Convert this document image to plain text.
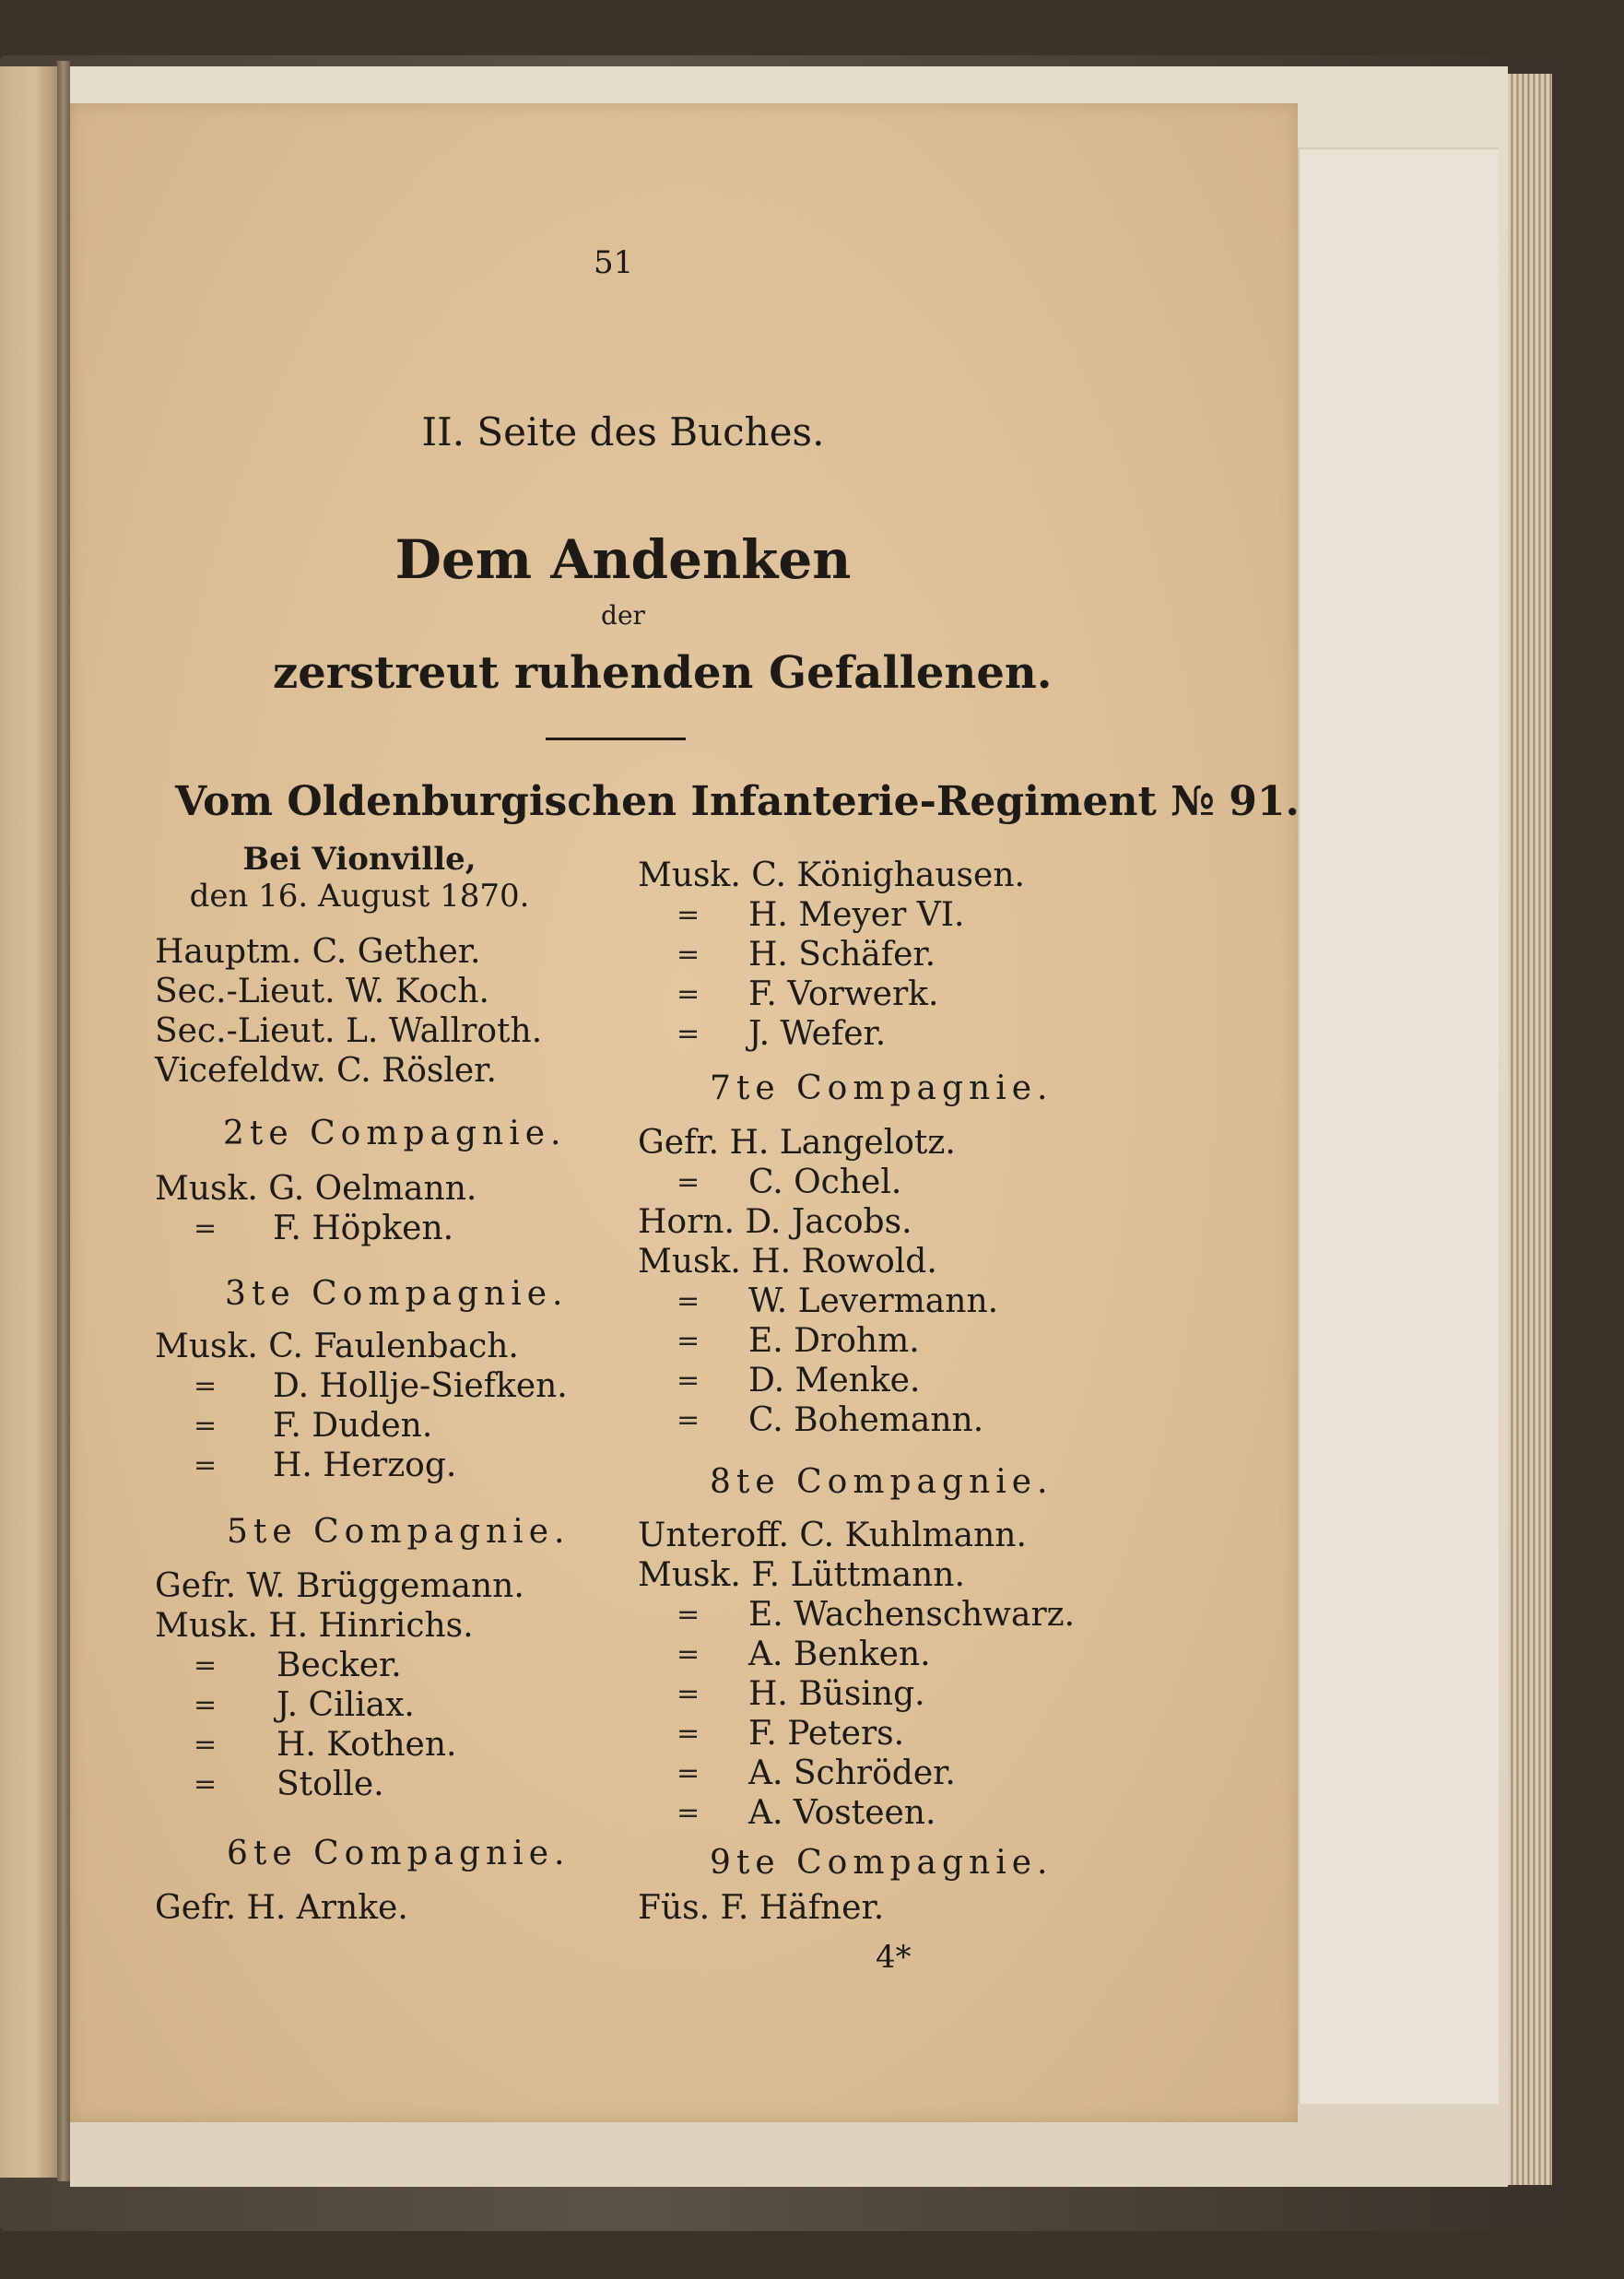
51
II. Seite des Buches.
Dem Andenken
der
zerstreut ruhenden Gefallenen.
Vom Oldenburgischen Infanterie-Regiment № 91.
Bei Vionville,
den 16. August 1870.
Hauptm. C. Gether.
Sec.-Lieut. W. Koch.
Sec.-Lieut. L. Wallroth.
Vicefeldw. C. Rösler.
2te Compagnie.
Musk. G. Oelmann.
= F. Höpken.
3te Compagnie.
Musk. C. Faulenbach.
= D. Hollje-Siefken.
= F. Duden.
= H. Herzog.
5te Compagnie.
Gefr. W. Brüggemann.
Musk. H. Hinrichs.
= Becker.
= J. Ciliax.
= H. Kothen.
= Stolle.
6te Compagnie.
Gefr. H. Arnke.
Musk. C. Könighausen.
= H. Meyer VI.
= H. Schäfer.
= F. Vorwerk.
= J. Wefer.
7te Compagnie.
Gefr. H. Langelotz.
= C. Ochel.
Horn. D. Jacobs.
Musk. H. Rowold.
= W. Levermann.
= E. Drohm.
= D. Menke.
= C. Bohemann.
8te Compagnie.
Unteroff. C. Kuhlmann.
Musk. F. Lüttmann.
= E. Wachenschwarz.
= A. Benken.
= H. Büsing.
= F. Peters.
= A. Schröder.
= A. Vosteen.
9te Compagnie.
Füs. F. Häfner.
4*
